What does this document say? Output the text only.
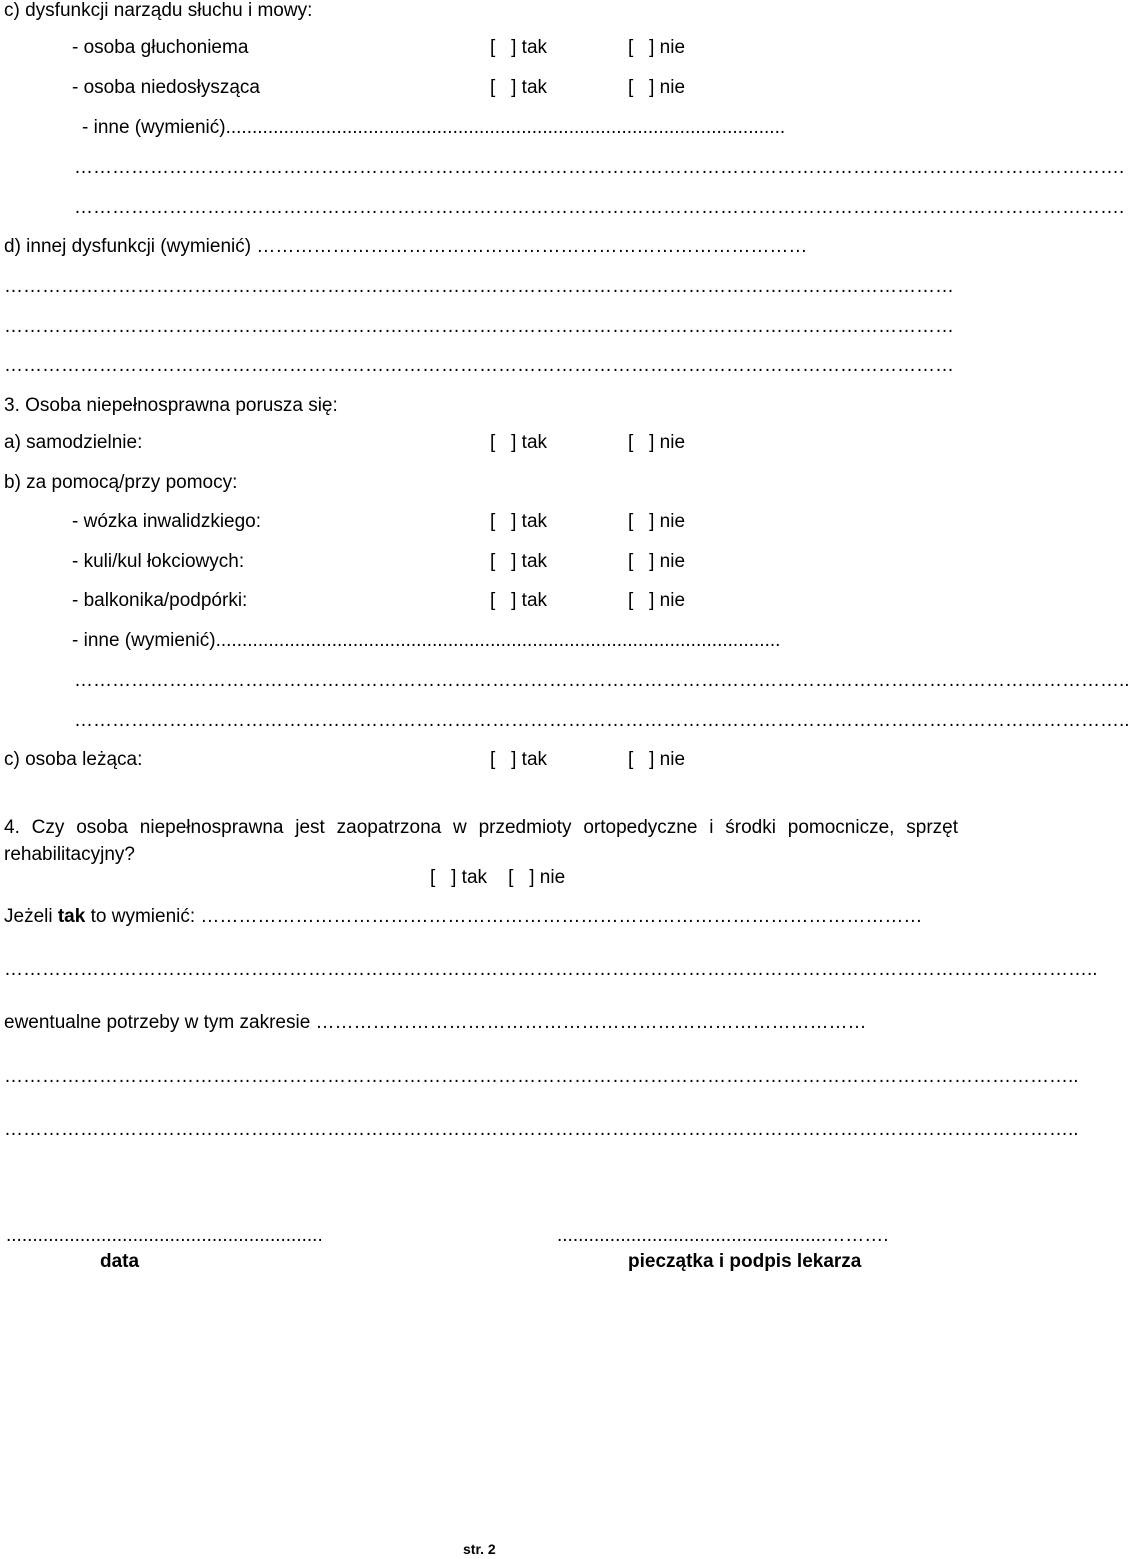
c) dysfunkcji narządu słuchu i mowy:
- osoba głuchoniema	[   ] tak	[   ] nie
- osoba niedosłysząca	[   ] tak	[   ] nie
- inne (wymienić)..........................................................................................................
………………………………………………………………………………………………………………………………………………….
………………………………………………………………………………………………………………………………………………….
d) innej dysfunkcji (wymienić) ……………………………………………………………………………
……………………………………………………………………………………………………………………………………
……………………………………………………………………………………………………………………………………
……………………………………………………………………………………………………………………………………
3. Osoba niepełnosprawna porusza się:
a) samodzielnie:	[   ] tak	[   ] nie
b) za pomocą/przy pomocy:
- wózka inwalidzkiego:	[   ] tak	[   ] nie
- kuli/kul łokciowych:	[   ] tak	[   ] nie
- balkonika/podpórki:	[   ] tak	[   ] nie
- inne (wymienić)...........................................................................................................
…………………………………………………………………………………………………………………………………………………..
…………………………………………………………………………………………………………………………………………………..
c) osoba leżąca:	[   ] tak	[   ] nie
4. Czy osoba niepełnosprawna jest zaopatrzona w przedmioty ortopedyczne i środki pomocnicze, sprzęt rehabilitacyjny?
[   ] tak    [   ] nie
Jeżeli tak to wymienić: ……………………………………………………………………………………………………
………………………………………………………………………………………………………………………………………………………..
ewentualne potrzeby w tym zakresie ……………………………………………………………………………
……………………………………………………………………………………………………………………………………………………..
……………………………………………………………………………………………………………………………………………………..
............................................................
data
...................................................……….
pieczątka i podpis lekarza
str. 2
